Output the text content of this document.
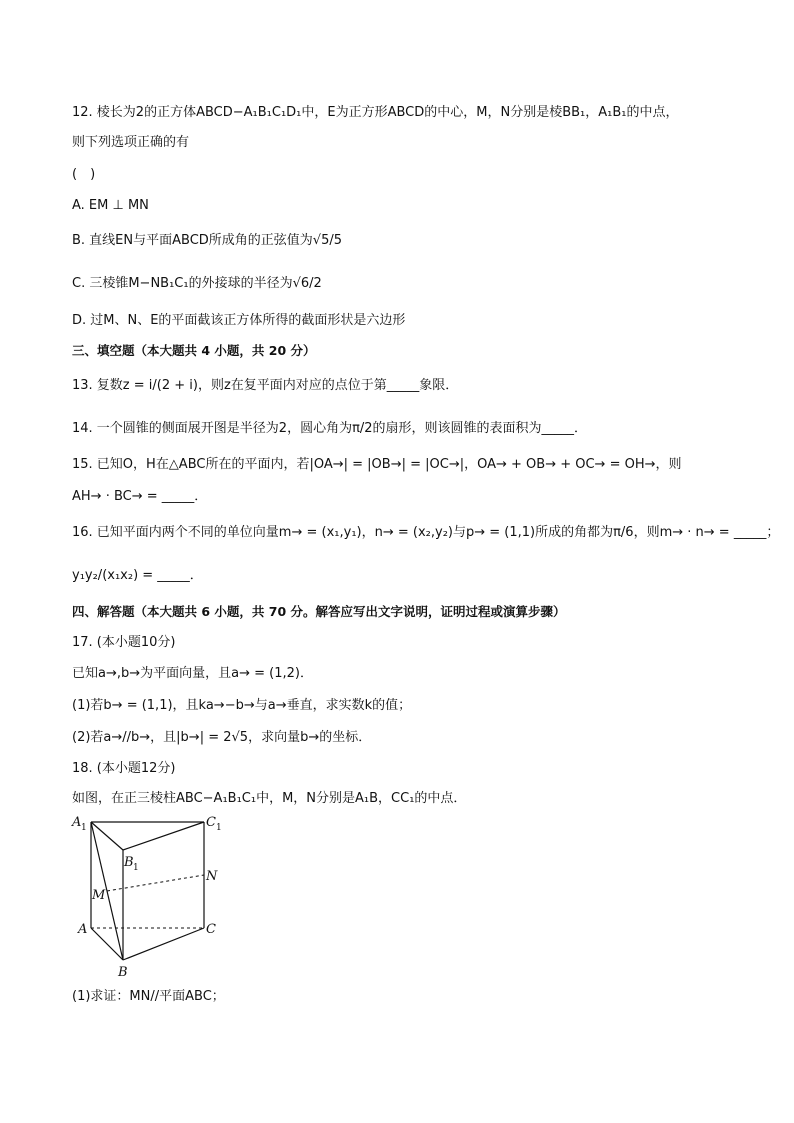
12. 棱长为2的正方体ABCD−A₁B₁C₁D₁中，E为正方形ABCD的中心，M，N分别是棱BB₁，A₁B₁的中点，
则下列选项正确的有
(　)
A. EM ⊥ MN
B. 直线EN与平面ABCD所成角的正弦值为√5/5
C. 三棱锥M−NB₁C₁的外接球的半径为√6/2
D. 过M、N、E的平面截该正方体所得的截面形状是六边形
三、填空题（本大题共 4 小题，共 20 分）
13. 复数z = i/(2 + i)，则z在复平面内对应的点位于第_____象限．
14. 一个圆锥的侧面展开图是半径为2，圆心角为π/2的扇形，则该圆锥的表面积为_____．
15. 已知O，H在△ABC所在的平面内，若|OA→| = |OB→| = |OC→|，OA→ + OB→ + OC→ = OH→，则
AH→ · BC→ = _____．
16. 已知平面内两个不同的单位向量m→ = (x₁,y₁)，n→ = (x₂,y₂)与p→ = (1,1)所成的角都为π/6，则m→ · n→ = _____；
y₁y₂/(x₁x₂) = _____．
四、解答题（本大题共 6 小题，共 70 分。解答应写出文字说明，证明过程或演算步骤）
17. (本小题10分)
已知a→,b→为平面向量，且a→ = (1,2)．
(1)若b→ = (1,1)，且ka→−b→与a→垂直，求实数k的值；
(2)若a→//b→，且|b→| = 2√5，求向量b→的坐标．
18. (本小题12分)
如图，在正三棱柱ABC−A₁B₁C₁中，M，N分别是A₁B，CC₁的中点．
A 1	C 1
B 1
M
N
A	C
B
(1)求证：MN//平面ABC；
